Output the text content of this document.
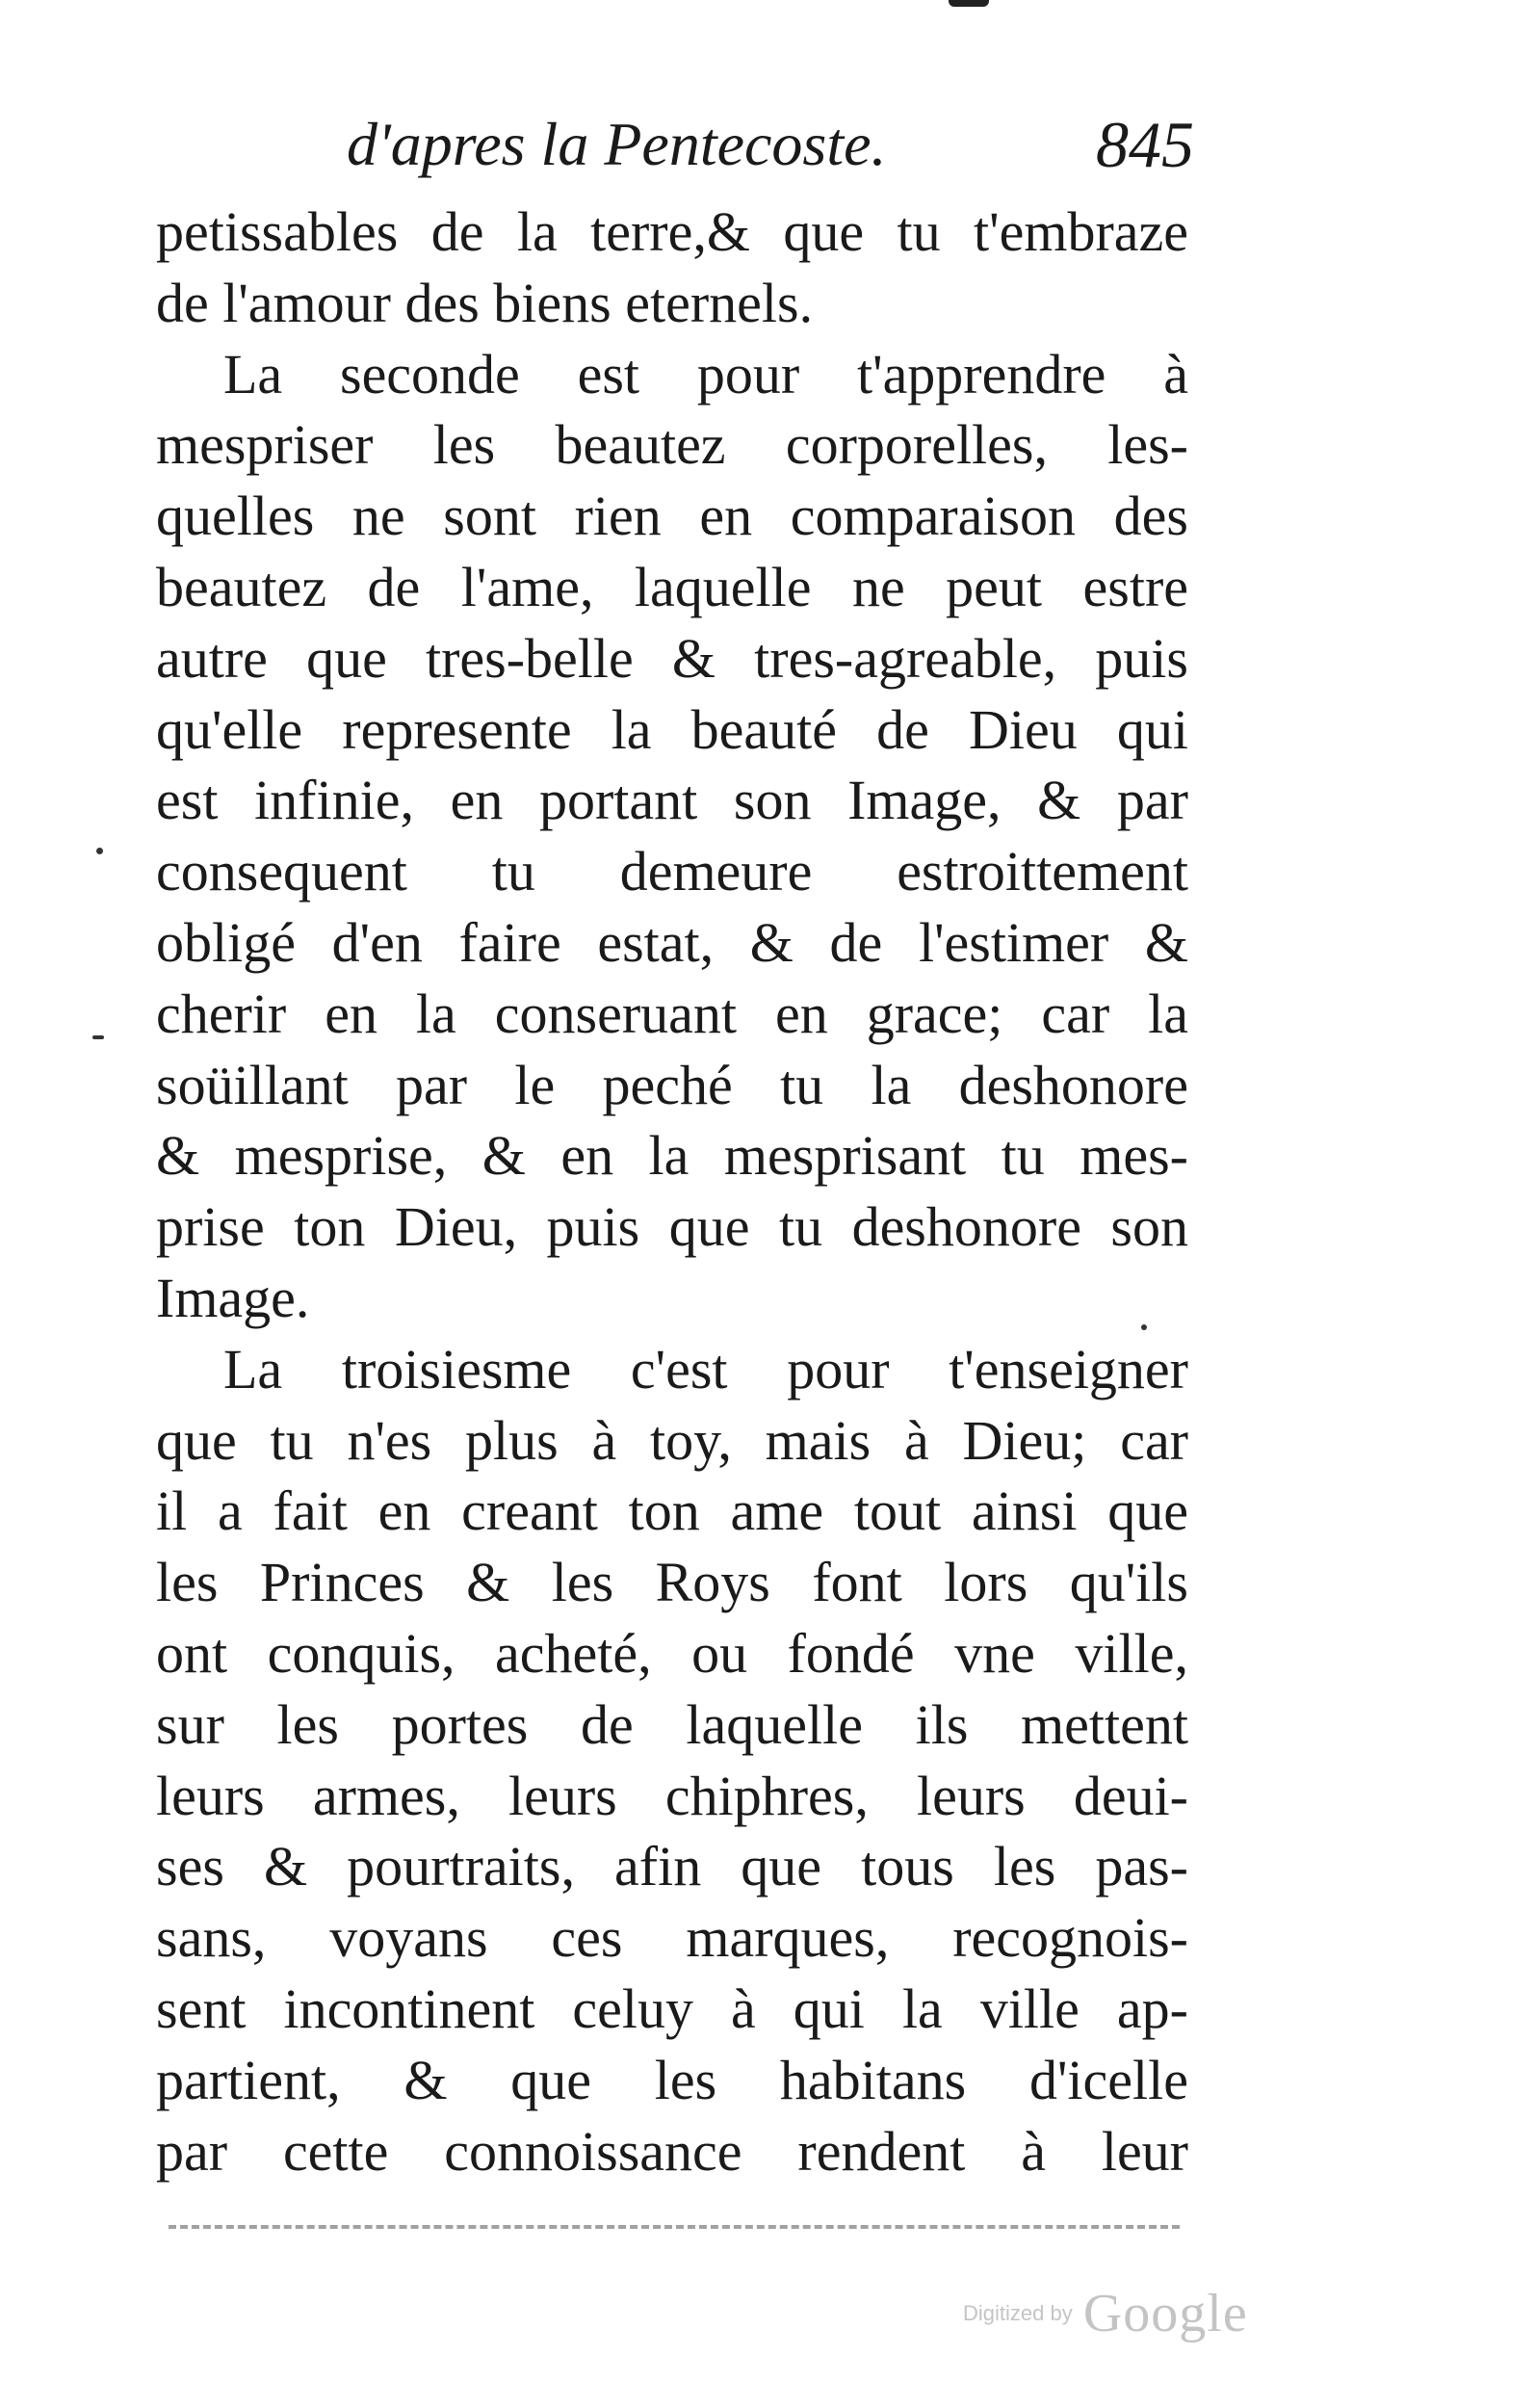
d'apres la Pentecoste.	845
petissables de la terre,& que tu t'embraze
de l'amour des biens eternels.
La seconde est pour t'apprendre à
mespriser les beautez corporelles, les-
quelles ne sont rien en comparaison des
beautez de l'ame, laquelle ne peut estre
autre que tres-belle & tres-agreable, puis
qu'elle represente la beauté de Dieu qui
est infinie, en portant son Image, & par
consequent tu demeure estroittement
obligé d'en faire estat, & de l'estimer &
cherir en la conseruant en grace; car la
soüillant par le peché tu la deshonore
& mesprise, & en la mesprisant tu mes-
prise ton Dieu, puis que tu deshonore son
Image.
La troisiesme c'est pour t'enseigner
que tu n'es plus à toy, mais à Dieu; car
il a fait en creant ton ame tout ainsi que
les Princes & les Roys font lors qu'ils
ont conquis, acheté, ou fondé vne ville,
sur les portes de laquelle ils mettent
leurs armes, leurs chiphres, leurs deui-
ses & pourtraits, afin que tous les pas-
sans, voyans ces marques, recognois-
sent incontinent celuy à qui la ville ap-
partient, & que les habitans d'icelle
par cette connoissance rendent à leur
Digitized by Google
